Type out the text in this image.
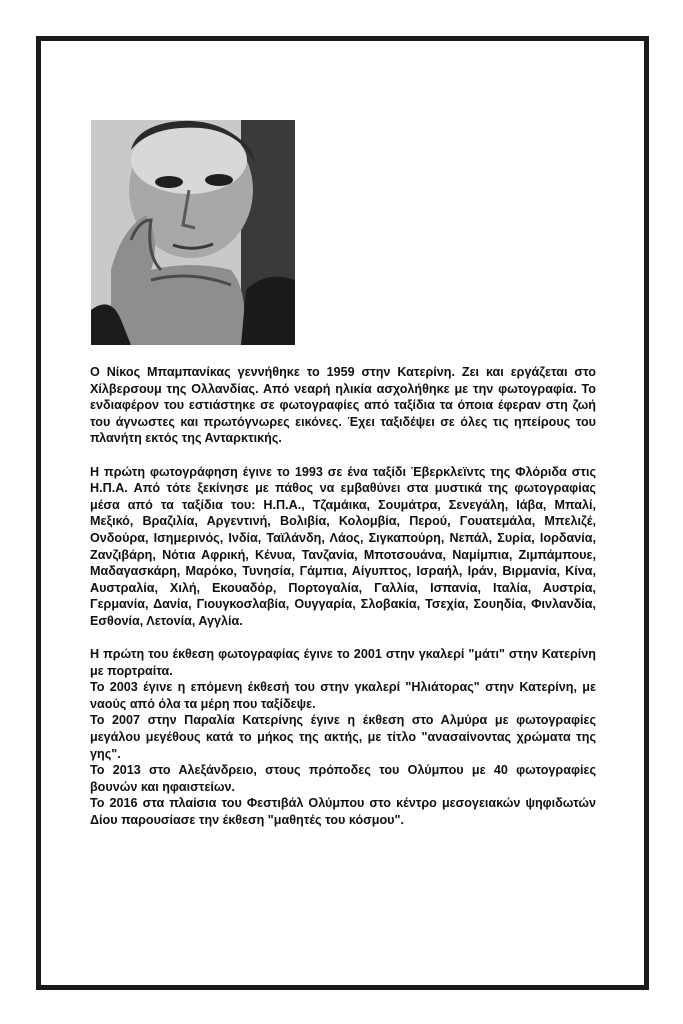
Ο Νίκος Μπαμπανίκας γεννήθηκε το 1959 στην Κατερίνη. Ζει και εργάζεται στο Χίλβερσουμ της Ολλανδίας. Από νεαρή ηλικία ασχολήθηκε με την φωτογραφία. Το ενδιαφέρον του εστιάστηκε σε φωτογραφίες από ταξίδια τα όποια έφεραν στη ζωή του άγνωστες και πρωτόγνωρες εικόνες. Έχει ταξιδέψει σε όλες τις ηπείρους του πλανήτη εκτός της Ανταρκτικής.

Η πρώτη φωτογράφηση έγινε το 1993 σε ένα ταξίδι Έβερκλεϊντς της Φλόριδα στις Η.Π.Α. Από τότε ξεκίνησε με πάθος να εμβαθύνει στα μυστικά της φωτογραφίας μέσα από τα ταξίδια του: Η.Π.Α., Τζαμάικα, Σουμάτρα, Σενεγάλη, Ιάβα, Μπαλί, Μεξικό, Βραζιλία, Αργεντινή, Βολιβία, Κολομβία, Περού, Γουατεμάλα, Μπελιζέ, Ονδούρα, Ισημερινός, Ινδία, Ταϊλάνδη, Λάος, Σιγκαπούρη, Νεπάλ, Συρία, Ιορδανία, Ζανζιβάρη, Νότια Αφρική, Κένυα, Τανζανία, Μποτσουάνα, Ναμίμπια, Ζιμπάμπουε, Μαδαγασκάρη, Μαρόκο, Τυνησία, Γάμπια, Αίγυπτος, Ισραήλ, Ιράν, Βιρμανία, Κίνα, Αυστραλία, Χιλή, Εκουαδόρ, Πορτογαλία, Γαλλία, Ισπανία, Ιταλία, Αυστρία, Γερμανία, Δανία, Γιουγκοσλαβία, Ουγγαρία, Σλοβακία, Τσεχία, Σουηδία, Φινλανδία, Εσθονία, Λετονία, Αγγλία.

Η πρώτη του έκθεση φωτογραφίας έγινε το 2001 στην γκαλερί "μάτι" στην Κατερίνη με πορτραίτα.

Το 2003 έγινε η επόμενη έκθεσή του στην γκαλερί "Ηλιάτορας" στην Κατερίνη, με ναούς από όλα τα μέρη που ταξίδεψε.

Το 2007 στην Παραλία Κατερίνης έγινε η έκθεση στο Αλμύρα με φωτογραφίες μεγάλου μεγέθους κατά το μήκος της ακτής, με τίτλο "ανασαίνοντας χρώματα της γης".

Το 2013 στο Αλεξάνδρειο, στους πρόποδες του Ολύμπου με 40 φωτογραφίες βουνών και ηφαιστείων.

Το 2016 στα πλαίσια του Φεστιβάλ Ολύμπου στο κέντρο μεσογειακών ψηφιδωτών Δίου παρουσίασε την έκθεση "μαθητές του κόσμου".
